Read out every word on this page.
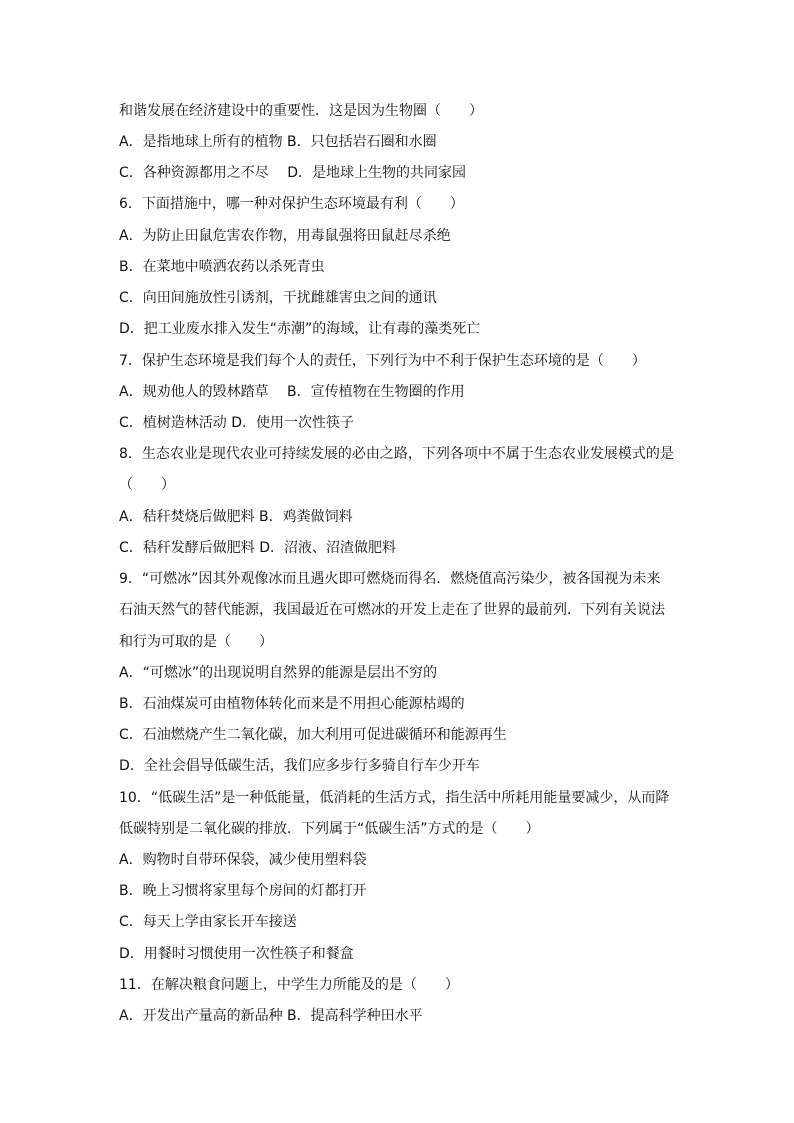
和谐发展在经济建设中的重要性．这是因为生物圈（　　）
A．是指地球上所有的植物 B．只包括岩石圈和水圈
C．各种资源都用之不尽　 D．是地球上生物的共同家园
6．下面措施中，哪一种对保护生态环境最有利（　　）
A．为防止田鼠危害农作物，用毒鼠强将田鼠赶尽杀绝
B．在菜地中喷洒农药以杀死青虫
C．向田间施放性引诱剂，干扰雌雄害虫之间的通讯
D．把工业废水排入发生“赤潮”的海域，让有毒的藻类死亡
7．保护生态环境是我们每个人的责任，下列行为中不利于保护生态环境的是（　　）
A．规劝他人的毁林踏草　 B．宣传植物在生物圈的作用
C．植树造林活动 D．使用一次性筷子
8．生态农业是现代农业可持续发展的必由之路，下列各项中不属于生态农业发展模式的是
（　　）
A．秸秆焚烧后做肥料 B．鸡粪做饲料
C．秸秆发酵后做肥料 D．沼液、沼渣做肥料
9．“可燃冰”因其外观像冰而且遇火即可燃烧而得名．燃烧值高污染少，被各国视为未来
石油天然气的替代能源，我国最近在可燃冰的开发上走在了世界的最前列．下列有关说法
和行为可取的是（　　）
A．“可燃冰”的出现说明自然界的能源是层出不穷的
B．石油煤炭可由植物体转化而来是不用担心能源枯竭的
C．石油燃烧产生二氧化碳，加大利用可促进碳循环和能源再生
D．全社会倡导低碳生活，我们应多步行多骑自行车少开车
10．“低碳生活”是一种低能量，低消耗的生活方式，指生活中所耗用能量要减少，从而降
低碳特别是二氧化碳的排放．下列属于“低碳生活”方式的是（　　）
A．购物时自带环保袋，减少使用塑料袋
B．晚上习惯将家里每个房间的灯都打开
C．每天上学由家长开车接送
D．用餐时习惯使用一次性筷子和餐盒
11．在解决粮食问题上，中学生力所能及的是（　　）
A．开发出产量高的新品种 B．提高科学种田水平
